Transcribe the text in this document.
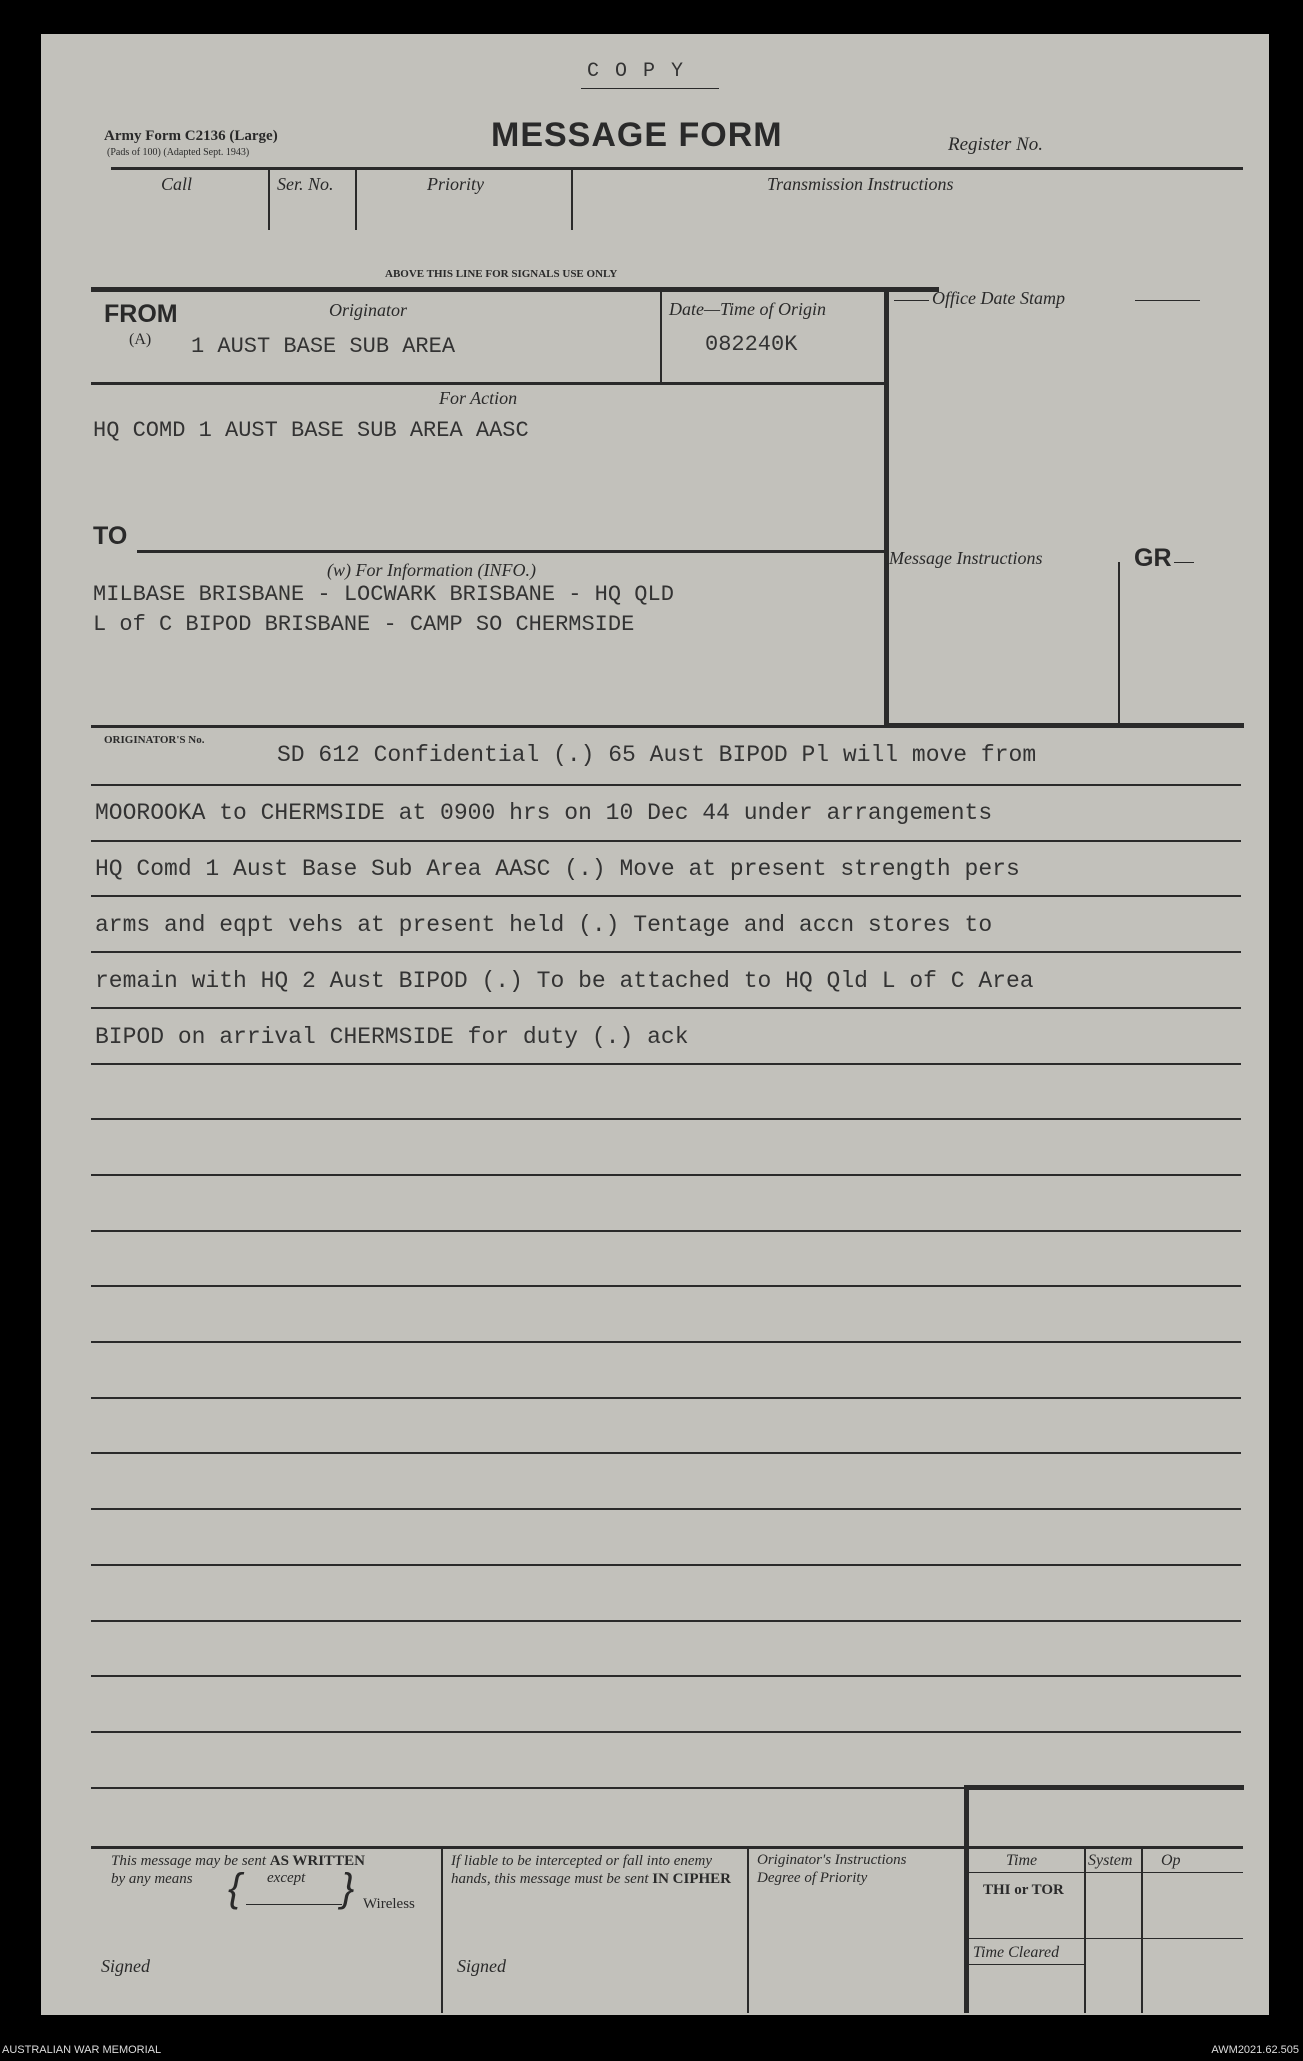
C O P Y
Army Form C2136 (Large)
(Pads of 100) (Adapted Sept. 1943)	MESSAGE FORM	Register No.
Call	Ser. No.	Priority	Transmission Instructions
ABOVE THIS LINE FOR SIGNALS USE ONLY
FROM
(A)
Originator
1 AUST BASE SUB AREA
Date—Time of Origin
082240K
Office Date Stamp
For Action
HQ COMD 1 AUST BASE SUB AREA AASC
TO
(w) For Information (INFO.)
MILBASE BRISBANE - LOCWARK BRISBANE - HQ QLD
L of C BIPOD BRISBANE - CAMP SO CHERMSIDE
Message Instructions	GR
ORIGINATOR'S No.
SD 612 Confidential (.) 65 Aust BIPOD Pl will move from
MOOROOKA to CHERMSIDE at 0900 hrs on 10 Dec 44 under arrangements
HQ Comd 1 Aust Base Sub Area AASC (.) Move at present strength pers
arms and eqpt vehs at present held (.) Tentage and accn stores to
remain with HQ 2 Aust BIPOD (.) To be attached to HQ Qld L of C Area
BIPOD on arrival CHERMSIDE for duty (.) ack
This message may be sent AS WRITTEN
by any means { except } Wireless
Signed
If liable to be intercepted or fall into enemy hands, this message must be sent IN CIPHER
Signed
Originator's Instructions
Degree of Priority
Time	System Op
THI or TOR
Time Cleared
AUSTRALIAN WAR MEMORIAL	AWM2021.62.505
